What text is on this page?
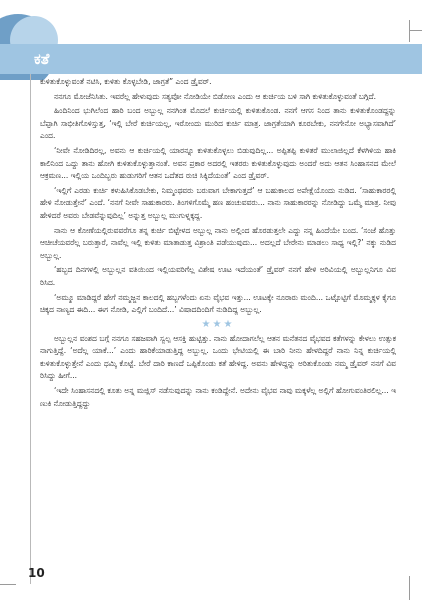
ಕತೆ

ಕುಳಿತುಕೊಳ್ಳುವಂತೆ ನಟಿಸಿ, ಕುಳಿತು ಕೊಳ್ಳಬೇಡಿ, ಜಾಗ್ರತೆ” ಎಂದ ಡ್ರೈವರ್.

ನನಗೂ ಮೋಜೆನಿಸಿತು. ಇವರೆಲ್ಲ ಹೇಳುವುದು ಸತ್ಯವೋ ನೋಡಿಯೇ ಬಿಡೋಣ ಎಂದು ಆ ಕುರ್ಚಿಯ ಬಳಿ ಸಾಗಿ ಕುಳಿತುಕೊಳ್ಳುವಂತೆ ಬಗ್ಗಿದೆ.

ಹಿಂದಿನಿಂದ ಭುಗಿಲೆಂದ ಹಾರಿ ಬಂದ ಅಬ್ಬುಲ್ಲ ನನಗಿಂತ ಮೊದಲೆ ಕುರ್ಚಿಯಲ್ಲಿ ಕುಳಿತುಕೊಂಡ. ನನಗೆ ಆಗಸ ನಿಂದ ತಾನು ಕುಳಿತುಕೊಂಡದ್ದನ್ನು ಬೆಪ್ಪಾಗಿ ಸಾಭೀತಿಗೊಳಿಸ್ತುತ್ತ, ‘ಇಲ್ಲಿ ಬೇರೆ ಕುರ್ಚಿಯಲ್ಲ, ಇರೋಂದು ಮುರಿದ ಕುರ್ಚಿ ಮಾತ್ರ. ಜಾಗ್ರತೆಯಾಗಿ ಕೂರಬೇಕು, ನನಗೇನೋ ಅಭ್ಯಾಸವಾಗಿದೆ’ ಎಂದ.

‘ನೀವೇ ನೋಡಿದಿರಲ್ಲ, ಅವನು ಆ ಕುರ್ಚಿಯಲ್ಲಿ ಯಾರನ್ನೂ ಕುಳಿತುಕೊಳ್ಳಲು ಬಿಡುವುದಿಲ್ಲ... ಅಪ್ಪಿತಪ್ಪಿ ಕುಳಿತರೆ ಮುಲಾಜಿಲ್ಲದೆ ಕೆಳಗಿಳಿಯ ಹಾಕಿ ಕಾಲಿನಿಂದ ಒದ್ದು ತಾನು ಹೋಗಿ ಕುಳಿತುಕೊಳ್ಳುತ್ತಾನಂತೆ. ಅವನ ಪ್ರಕಾರ ಅದರಲ್ಲಿ ಇತರರು ಕುಳಿತುಕೊಳ್ಳುವುದು ಅಂದರೆ ಅದು ಆತನ ಸಿಂಹಾಸನದ ಮೇಲೆ ಆಕ್ರಮಣ... ಇಲ್ಲಿಯ ಒಂದಿಬ್ಬರು ಹುಡುಗರಿಗೆ ಆತನ ಒದೆತದ ರುಚಿ ಸಿಕ್ಕಿದೆಯಂತೆ’ ಎಂದ ಡ್ರೈವರ್.

‘ಇಲ್ಲಿಗೆ ಎರಡು ಕುರ್ಚಿ ಕಳುಹಿಸಿಕೊಡಬೇಕು, ನಿಮ್ಮಂಥವರು ಬರುವಾಗ ಬೇಕಾಗುತ್ತದೆ’ ಆ ಬಹುಕಾಲದ ಅಪೇಕ್ಷೆಯೊಂದು ನುಡಿದ. ‘ಸಾಹುಕಾರರಲ್ಲಿ ಹೇಳಿ ನೋಡುತ್ತೇನೆ’ ಎಂದೆ. ‘ನನಗೆ ನೀವೇ ಸಾಹುಕಾರರು. ತಿಂಗಳಿಗೊಮ್ಮೆ ಹಣ ಹಂಚುವವರು... ನಾನು ಸಾಹುಕಾರರನ್ನು ನೋಡಿದ್ದು ಒಮ್ಮೆ ಮಾತ್ರ. ನೀವು ಹೇಳಿದರೆ ಅವರು ಬೇಡವೆನ್ನುವುದಿಲ್ಲ’ ಅನ್ನುತ್ತ ಅಬ್ಬುಲ್ಲ ಮುಗುಳ್ನಕ್ಕದ್ದ.

ನಾನು ಆ ಕೋಣೆಯಲ್ಲಿರುವವರೆಗೂ ತನ್ನ ಕುರ್ಚಿ ಬಿಟ್ಟೇಳದ ಅಬ್ಬುಲ್ಲ ನಾನು ಅಲ್ಲಿಂದ ಹೊರಡುತ್ತಲೇ ಎದ್ದು ನನ್ನ ಹಿಂದೆಯೇ ಬಂದ. ‘ಸಂಜೆ ಹೊತ್ತು ಆಚೀಚೆಯವರೆಲ್ಲ ಬರುತ್ತಾರೆ, ನಾವೆಲ್ಲ ಇಲ್ಲಿ ಕುಳಿತು ಮಾತಾಡುತ್ತ ವಿಶ್ರಾಂತಿ ಪಡೆಯುವುದು... ಅದಲ್ಲದೆ ಬೇರೇನು ಮಾಡಲು ಸಾಧ್ಯ ಇಲ್ಲಿ?’ ನಕ್ಕು ನುಡಿದ ಅಬ್ಬುಲ್ಲ.

‘ಹಬ್ಬದ ದಿನಗಳಲ್ಲಿ ಅಬ್ಬುಲ್ಲನ ವತಿಯಿಂದ ಇಲ್ಲಿಯವರಿಗೆಲ್ಲ ವಿಶೇಷ ಊಟ ಇದೆಯಂತೆ’ ಡ್ರೈವರ್ ನನಗೆ ಹೇಳಿ ಅರಿವಿಯಲ್ಲಿ ಅಬ್ಬುಲ್ಲನಿಗೂ ವಿವರಿಸಿದ.

‘ಅಮ್ಮೂ ಮಾಡಿದ್ದರೆ ಹೇಗೆ ನಮ್ಮಜ್ಜನ ಕಾಲದಲ್ಲಿ ಹಬ್ಬಗಳೆಂದು ಏನು ವೈಭವ ಇತ್ತು... ಊಟಕ್ಕೇ ನೂರಾರು ಮಂದಿ... ಒಟ್ಟೊಟ್ಟಿಗೆ ಮೊಮ್ಮಕ್ಕಳ ಕೈಗೂ ಚಿಕ್ಕದ ನಾಣ್ಯದ ಈದಿ... ಈಗ ನೋಡಿ, ಎಲ್ಲಿಗೆ ಬಂದಿದೆ...’ ವಿಷಾದದಿಂದಿಗೆ ನುಡಿದಿದ್ದ ಅಬ್ಬುಲ್ಲ.

★★★

ಅಬ್ಬುಲ್ಲನ ವಂಶದ ಬಗ್ಗೆ ನನಗೂ ಸಹಜವಾಗಿ ಸ್ವಲ್ಪ ಆಸಕ್ತಿ ಹುಟ್ಟಿತ್ತು. ನಾನು ಹೋದಾಗಲೆಲ್ಲ ಆತನ ಮನೆತನದ ವೈಭವದ ಕತೆಗಳನ್ನು ಕೇಳಲು ಉತ್ಸುಕನಾಗುತ್ತಿದ್ದೆ. ‘ಅದೆಲ್ಲ ಯಾಕೆ...’ ಎಂದು ಹಾರಿಕೆಯಾಡುತ್ತಿದ್ದ ಅಬ್ಬುಲ್ಲ. ಒಂದು ಭೇಟಿಯಲ್ಲಿ ಈ ಬಾರಿ ನೀನು ಹೇಳದಿದ್ದರೆ ನಾನು ನಿನ್ನ ಕುರ್ಚಿಯಲ್ಲಿ ಕುಳಿತುಕೊಳ್ಳುತ್ತೇನೆ ಎಂದು ಧಮ್ಕಿ ಕೊಟ್ಟೆ. ಬೇರೆ ದಾರಿ ಕಾಣದೆ ಒಪ್ಪಿಕೊಂಡು ಕತೆ ಹೇಳಿದ್ದ. ಅವನು ಹೇಳಿದ್ದನ್ನು ಅರಿತುಕೊಂಡು ನಮ್ಮ ಡ್ರೈವರ್ ನನಗೆ ವಿವರಿಸಿದ್ದು ಹೀಗೆ...

‘ಇದೇ ಸಿಂಹಾಸನದಲ್ಲಿ ಕೂತು ಅನ್ನ ಮಜ್ಲಿಸ್ ನಡೆಸುವುದನ್ನು ನಾನು ಕಂಡಿದ್ದೇನೆ. ಅದೇನು ವೈಭವ ನಾವು ಮಕ್ಕಳೆಲ್ಲ ಅಲ್ಲಿಗೆ ಹೋಗುವಂತಿರಲಿಲ್ಲ... ಇಣುಕಿ ನೋಡುತ್ತಿದ್ದದ್ದು

10
